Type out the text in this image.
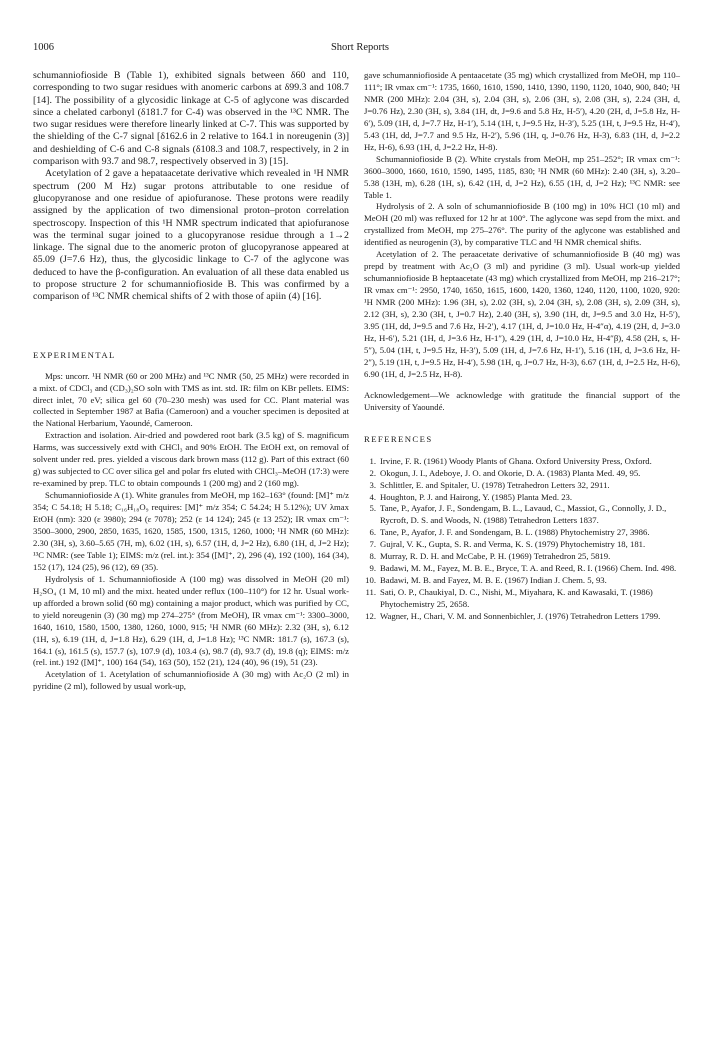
1006	Short Reports

schumanniofioside B (Table 1), exhibited signals between δ60 and 110, corresponding to two sugar residues with anomeric carbons at δ99.3 and 108.7 [14]. The possibility of a glycosidic linkage at C-5 of aglycone was discarded since a chelated carbonyl (δ181.7 for C-4) was observed in the ¹³C NMR. The two sugar residues were therefore linearly linked at C-7. This was supported by the shielding of the C-7 signal [δ162.6 in 2 relative to 164.1 in noreugenin (3)] and deshielding of C-6 and C-8 signals (δ108.3 and 108.7, respectively, in 2 in comparison with 93.7 and 98.7, respectively observed in 3) [15].

Acetylation of 2 gave a hepataacetate derivative which revealed in ¹H NMR spectrum (200 M Hz) sugar protons attributable to one residue of glucopyranose and one residue of apiofuranose. These protons were readily assigned by the application of two dimensional proton–proton correlation spectroscopy. Inspection of this ¹H NMR spectrum indicated that apiofuranose was the terminal sugar joined to a glucopyranose residue through a 1→2 linkage. The signal due to the anomeric proton of glucopyranose appeared at δ5.09 (J=7.6 Hz), thus, the glycosidic linkage to C-7 of the aglycone was deduced to have the β-configuration. An evaluation of all these data enabled us to propose structure 2 for schumanniofioside B. This was confirmed by a comparison of ¹³C NMR chemical shifts of 2 with those of apiin (4) [16].

EXPERIMENTAL

Mps: uncorr. ¹H NMR (60 or 200 MHz) and ¹³C NMR (50, 25 MHz) were recorded in a mixt. of CDCl₃ and (CD₃)₂SO soln with TMS as int. std. IR: film on KBr pellets. EIMS: direct inlet, 70 eV; silica gel 60 (70–230 mesh) was used for CC. Plant material was collected in September 1987 at Bafia (Cameroon) and a voucher specimen is deposited at the National Herbarium, Yaoundé, Cameroon.

Extraction and isolation. Air-dried and powdered root bark (3.5 kg) of S. magnificum Harms, was successively extd with CHCl₃ and 90% EtOH. The EtOH ext, on removal of solvent under red. pres. yielded a viscous dark brown mass (112 g). Part of this extract (60 g) was subjected to CC over silica gel and polar frs eluted with CHCl₃–MeOH (17:3) were re-examined by prep. TLC to obtain compounds 1 (200 mg) and 2 (160 mg).

Schumanniofioside A (1). White granules from MeOH, mp 162–163° (found: [M]⁺ m/z 354; C 54.18; H 5.18; C₁₆H₁₈O₉ requires: [M]⁺ m/z 354; C 54.24; H 5.12%); UV λmax EtOH (nm): 320 (ε 3980); 294 (ε 7078); 252 (ε 14 124); 245 (ε 13 252); IR νmax cm⁻¹: 3500–3000, 2900, 2850, 1635, 1620, 1585, 1500, 1315, 1260, 1000; ¹H NMR (60 MHz): 2.30 (3H, s), 3.60–5.65 (7H, m), 6.02 (1H, s), 6.57 (1H, d, J=2 Hz), 6.80 (1H, d, J=2 Hz); ¹³C NMR: (see Table 1); EIMS: m/z (rel. int.): 354 ([M]⁺, 2), 296 (4), 192 (100), 164 (34), 152 (17), 124 (25), 96 (12), 69 (35).

Hydrolysis of 1. Schumanniofioside A (100 mg) was dissolved in MeOH (20 ml) H₂SO₄ (1 M, 10 ml) and the mixt. heated under reflux (100–110°) for 12 hr. Usual work-up afforded a brown solid (60 mg) containing a major product, which was purified by CC, to yield noreugenin (3) (30 mg) mp 274–275° (from MeOH), IR νmax cm⁻¹: 3300–3000, 1640, 1610, 1580, 1500, 1380, 1260, 1000, 915; ¹H NMR (60 MHz): 2.32 (3H, s), 6.12 (1H, s), 6.19 (1H, d, J=1.8 Hz), 6.29 (1H, d, J=1.8 Hz); ¹³C NMR: 181.7 (s), 167.3 (s), 164.1 (s), 161.5 (s), 157.7 (s), 107.9 (d), 103.4 (s), 98.7 (d), 93.7 (d), 19.8 (q); EIMS: m/z (rel. int.) 192 ([M]⁺, 100) 164 (54), 163 (50), 152 (21), 124 (40), 96 (19), 51 (23).

Acetylation of 1. Acetylation of schumanniofioside A (30 mg) with Ac₂O (2 ml) in pyridine (2 ml), followed by usual work-up,

gave schumanniofioside A pentaacetate (35 mg) which crystallized from MeOH, mp 110–111°; IR νmax cm⁻¹: 1735, 1660, 1610, 1590, 1410, 1390, 1190, 1120, 1040, 900, 840; ¹H NMR (200 MHz): 2.04 (3H, s), 2.04 (3H, s), 2.06 (3H, s), 2.08 (3H, s), 2.24 (3H, d, J=0.76 Hz), 2.30 (3H, s), 3.84 (1H, dt, J=9.6 and 5.8 Hz, H-5′), 4.20 (2H, d, J=5.8 Hz, H-6′), 5.09 (1H, d, J=7.7 Hz, H-1′), 5.14 (1H, t, J=9.5 Hz, H-3′), 5.25 (1H, t, J=9.5 Hz, H-4′), 5.43 (1H, dd, J=7.7 and 9.5 Hz, H-2′), 5.96 (1H, q, J=0.76 Hz, H-3), 6.83 (1H, d, J=2.2 Hz, H-6), 6.93 (1H, d, J=2.2 Hz, H-8).

Schumanniofioside B (2). White crystals from MeOH, mp 251–252°; IR νmax cm⁻¹: 3600–3000, 1660, 1610, 1590, 1495, 1185, 830; ¹H NMR (60 MHz): 2.40 (3H, s), 3.20–5.38 (13H, m), 6.28 (1H, s), 6.42 (1H, d, J=2 Hz), 6.55 (1H, d, J=2 Hz); ¹³C NMR: see Table 1.

Hydrolysis of 2. A soln of schumanniofioside B (100 mg) in 10% HCl (10 ml) and MeOH (20 ml) was refluxed for 12 hr at 100°. The aglycone was sepd from the mixt. and crystallized from MeOH, mp 275–276°. The purity of the aglycone was established and identified as neurogenin (3), by comparative TLC and ¹H NMR chemical shifts.

Acetylation of 2. The peraacetate derivative of schumanniofioside B (40 mg) was prepd by treatment with Ac₂O (3 ml) and pyridine (3 ml). Usual work-up yielded schumanniofioside B heptaacetate (43 mg) which crystallized from MeOH, mp 216–217°; IR νmax cm⁻¹: 2950, 1740, 1650, 1615, 1600, 1420, 1360, 1240, 1120, 1100, 1020, 920: ¹H NMR (200 MHz): 1.96 (3H, s), 2.02 (3H, s), 2.04 (3H, s), 2.08 (3H, s), 2.09 (3H, s), 2.12 (3H, s), 2.30 (3H, t, J=0.7 Hz), 2.40 (3H, s), 3.90 (1H, dt, J=9.5 and 3.0 Hz, H-5′), 3.95 (1H, dd, J=9.5 and 7.6 Hz, H-2′), 4.17 (1H, d, J=10.0 Hz, H-4″α), 4.19 (2H, d, J=3.0 Hz, H-6′), 5.21 (1H, d, J=3.6 Hz, H-1″), 4.29 (1H, d, J=10.0 Hz, H-4″β), 4.58 (2H, s, H-5″), 5.04 (1H, t, J=9.5 Hz, H-3′), 5.09 (1H, d, J=7.6 Hz, H-1′), 5.16 (1H, d, J=3.6 Hz, H-2″), 5.19 (1H, t, J=9.5 Hz, H-4′), 5.98 (1H, q, J=0.7 Hz, H-3), 6.67 (1H, d, J=2.5 Hz, H-6), 6.90 (1H, d, J=2.5 Hz, H-8).

Acknowledgement—We acknowledge with gratitude the financial support of the University of Yaoundé.

REFERENCES

1. Irvine, F. R. (1961) Woody Plants of Ghana. Oxford University Press, Oxford.
2. Okogun, J. I., Adeboye, J. O. and Okorie, D. A. (1983) Planta Med. 49, 95.
3. Schlittler, E. and Spitaler, U. (1978) Tetrahedron Letters 32, 2911.
4. Houghton, P. J. and Hairong, Y. (1985) Planta Med. 23.
5. Tane, P., Ayafor, J. F., Sondengam, B. L., Lavaud, C., Massiot, G., Connolly, J. D., Rycroft, D. S. and Woods, N. (1988) Tetrahedron Letters 1837.
6. Tane, P., Ayafor, J. F. and Sondengam, B. L. (1988) Phytochemistry 27, 3986.
7. Gujral, V. K., Gupta, S. R. and Verma, K. S. (1979) Phytochemistry 18, 181.
8. Murray, R. D. H. and McCabe, P. H. (1969) Tetrahedron 25, 5819.
9. Badawi, M. M., Fayez, M. B. E., Bryce, T. A. and Reed, R. I. (1966) Chem. Ind. 498.
10. Badawi, M. B. and Fayez, M. B. E. (1967) Indian J. Chem. 5, 93.
11. Sati, O. P., Chaukiyal, D. C., Nishi, M., Miyahara, K. and Kawasaki, T. (1986) Phytochemistry 25, 2658.
12. Wagner, H., Chari, V. M. and Sonnenbichler, J. (1976) Tetrahedron Letters 1799.
